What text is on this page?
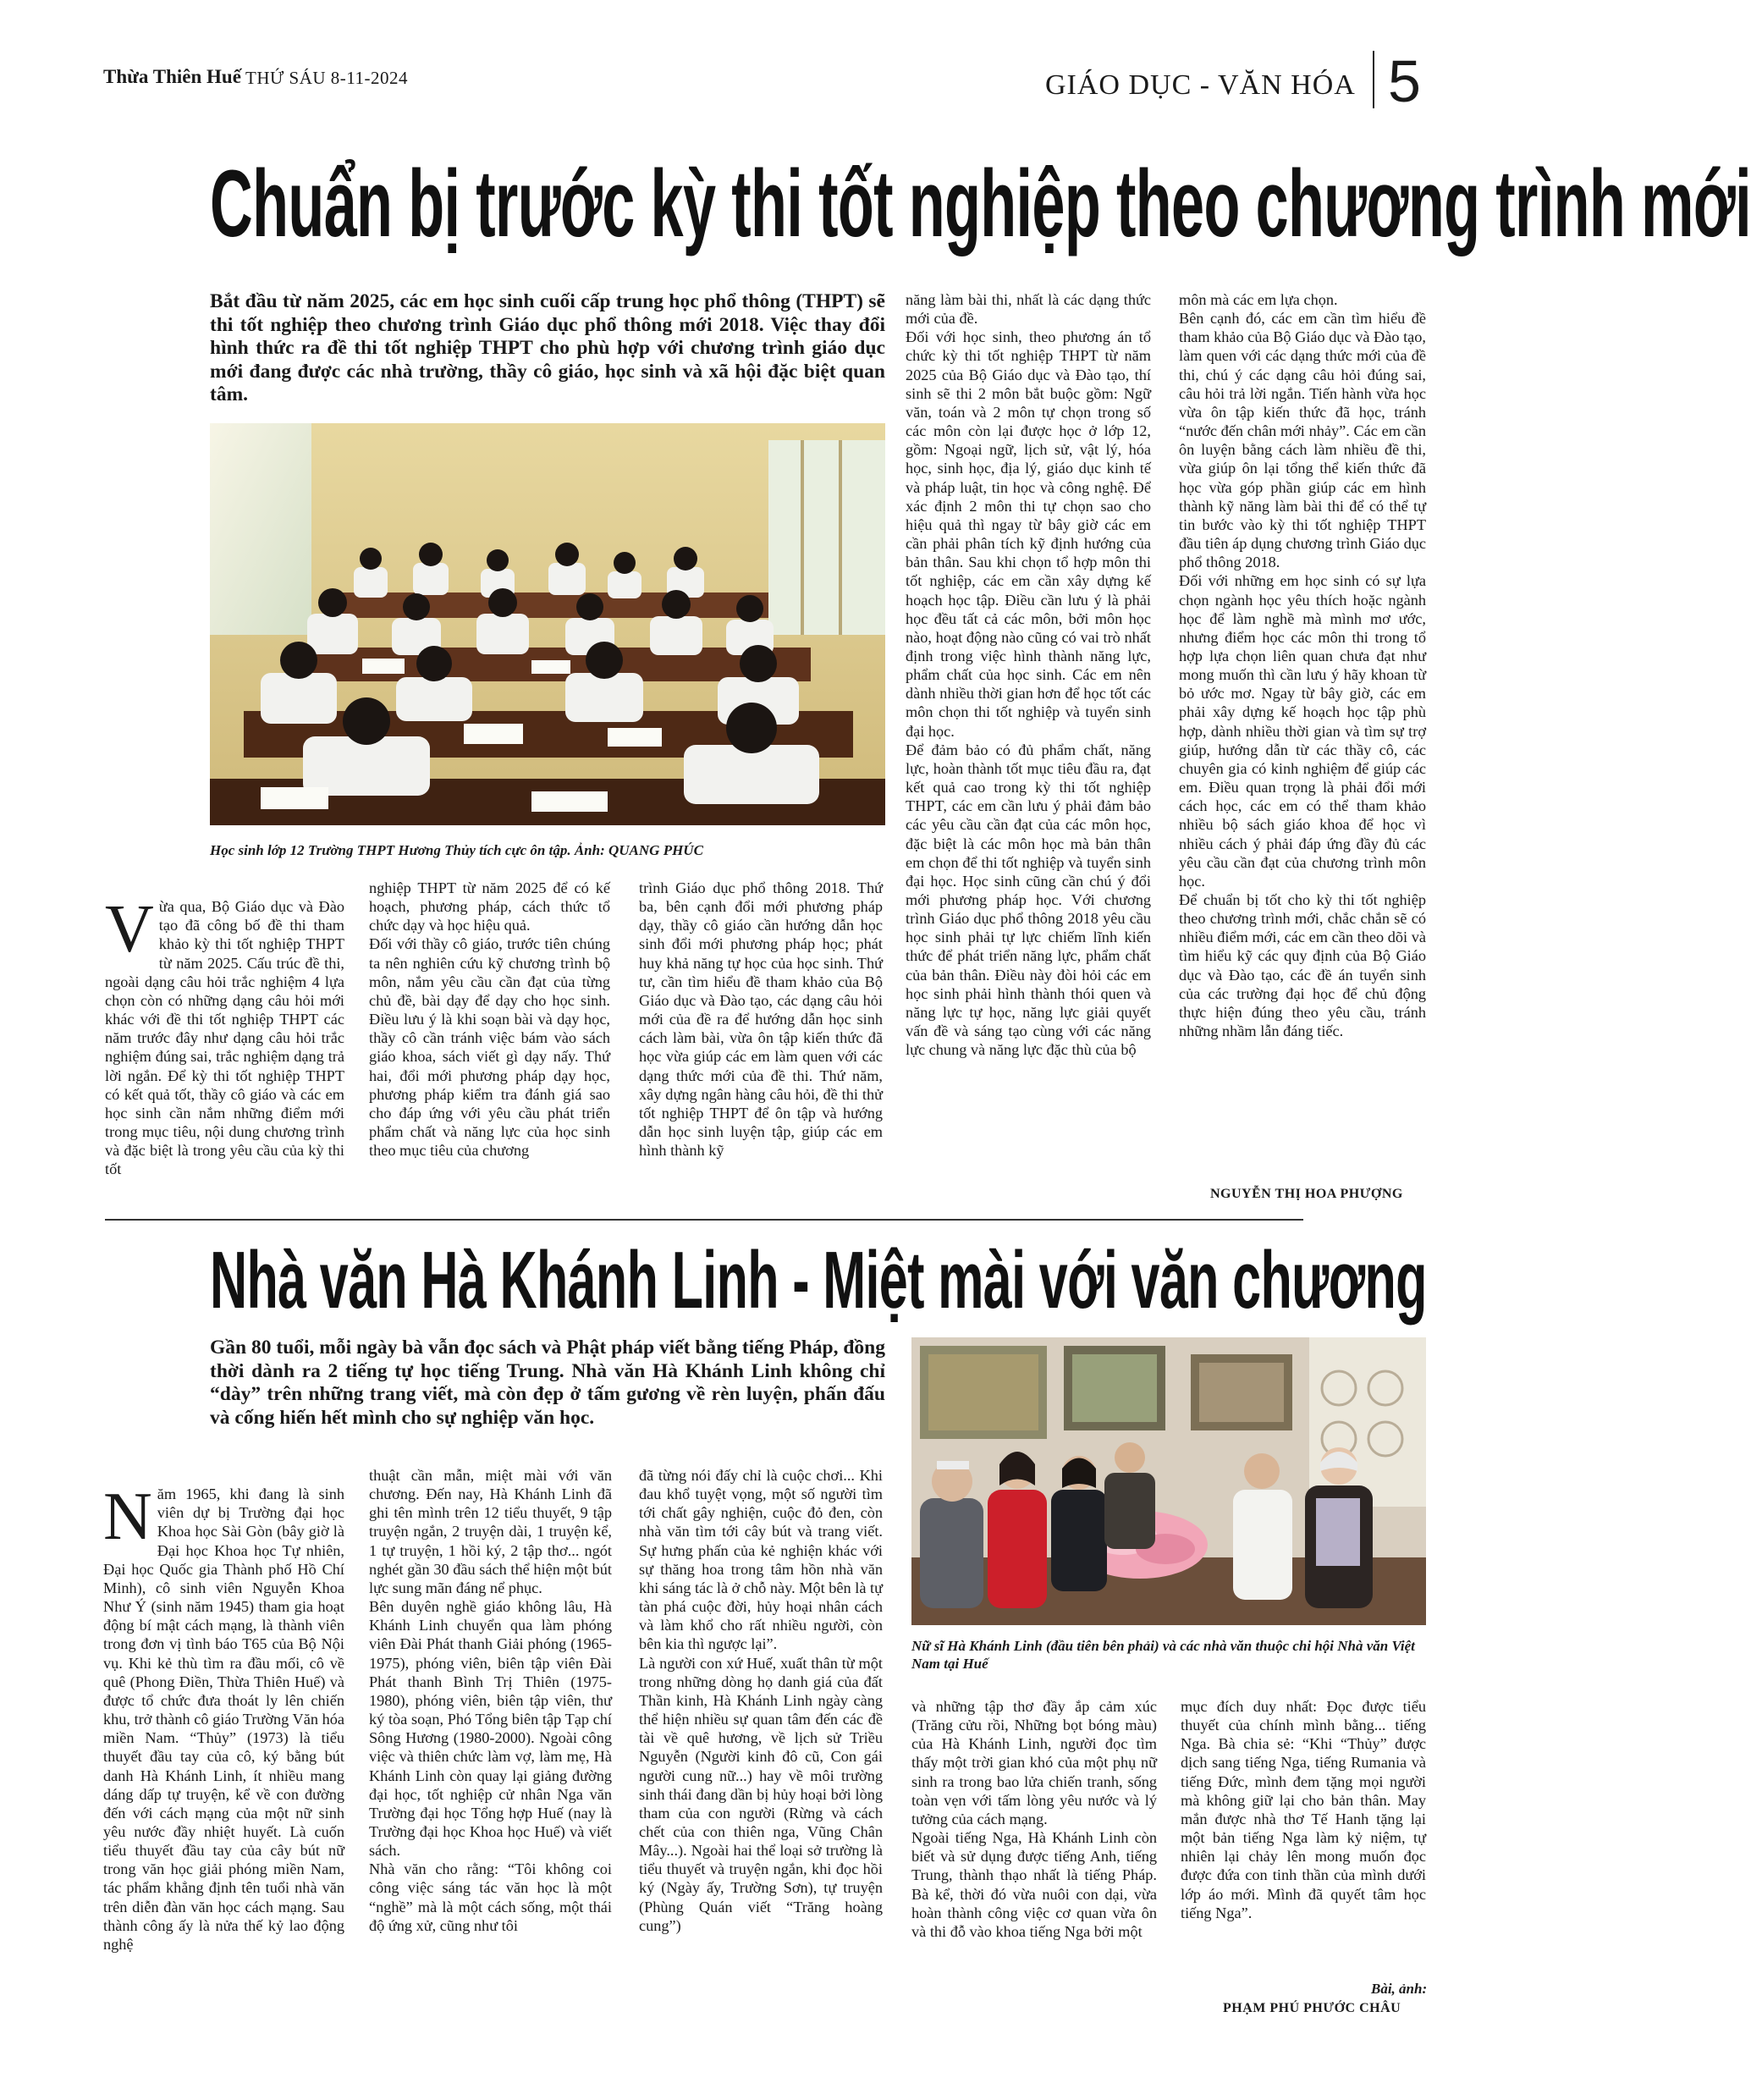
Thừa Thiên Huế THỨ SÁU 8-11-2024	GIÁO DỤC - VĂN HÓA 5
Chuẩn bị trước kỳ thi tốt nghiệp theo chương trình mới
Bắt đầu từ năm 2025, các em học sinh cuối cấp trung học phổ thông (THPT) sẽ thi tốt nghiệp theo chương trình Giáo dục phổ thông mới 2018. Việc thay đổi hình thức ra đề thi tốt nghiệp THPT cho phù hợp với chương trình giáo dục mới đang được các nhà trường, thầy cô giáo, học sinh và xã hội đặc biệt quan tâm.
Học sinh lớp 12 Trường THPT Hương Thủy tích cực ôn tập. Ảnh: QUANG PHÚC

Vừa qua, Bộ Giáo dục và Đào tạo đã công bố đề thi tham khảo kỳ thi tốt nghiệp THPT từ năm 2025. Cấu trúc đề thi, ngoài dạng câu hỏi trắc nghiệm 4 lựa chọn còn có những dạng câu hỏi mới khác với đề thi tốt nghiệp THPT các năm trước đây như dạng câu hỏi trắc nghiệm đúng sai, trắc nghiệm dạng trả lời ngắn. Để kỳ thi tốt nghiệp THPT có kết quả tốt, thầy cô giáo và các em học sinh cần nắm những điểm mới trong mục tiêu, nội dung chương trình và đặc biệt là trong yêu cầu của kỳ thi tốt

nghiệp THPT từ năm 2025 để có kế hoạch, phương pháp, cách thức tổ chức dạy và học hiệu quả.
Đối với thầy cô giáo, trước tiên chúng ta nên nghiên cứu kỹ chương trình bộ môn, nắm yêu cầu cần đạt của từng chủ đề, bài dạy để dạy cho học sinh. Điều lưu ý là khi soạn bài và dạy học, thầy cô cần tránh việc bám vào sách giáo khoa, sách viết gì dạy nấy. Thứ hai, đổi mới phương pháp dạy học, phương pháp kiểm tra đánh giá sao cho đáp ứng với yêu cầu phát triển phẩm chất và năng lực của học sinh theo mục tiêu của chương
trình Giáo dục phổ thông 2018. Thứ ba, bên cạnh đổi mới phương pháp dạy, thầy cô giáo cần hướng dẫn học sinh đổi mới phương pháp học; phát huy khả năng tự học của học sinh. Thứ tư, cần tìm hiểu đề tham khảo của Bộ Giáo dục và Đào tạo, các dạng câu hỏi mới của đề ra để hướng dẫn học sinh cách làm bài, vừa ôn tập kiến thức đã học vừa giúp các em làm quen với các dạng thức mới của đề thi. Thứ năm, xây dựng ngân hàng câu hỏi, đề thi thử tốt nghiệp THPT để ôn tập và hướng dẫn học sinh luyện tập, giúp các em hình thành kỹ
năng làm bài thi, nhất là các dạng thức mới của đề.
Đối với học sinh, theo phương án tổ chức kỳ thi tốt nghiệp THPT từ năm 2025 của Bộ Giáo dục và Đào tạo, thí sinh sẽ thi 2 môn bắt buộc gồm: Ngữ văn, toán và 2 môn tự chọn trong số các môn còn lại được học ở lớp 12, gồm: Ngoại ngữ, lịch sử, vật lý, hóa học, sinh học, địa lý, giáo dục kinh tế và pháp luật, tin học và công nghệ. Để xác định 2 môn thi tự chọn sao cho hiệu quả thì ngay từ bây giờ các em cần phải phân tích kỹ định hướng của bản thân. Sau khi chọn tổ hợp môn thi tốt nghiệp, các em cần xây dựng kế hoạch học tập. Điều cần lưu ý là phải học đều tất cả các môn, bởi môn học nào, hoạt động nào cũng có vai trò nhất định trong việc hình thành năng lực, phẩm chất của học sinh. Các em nên dành nhiều thời gian hơn để học tốt các môn chọn thi tốt nghiệp và tuyển sinh đại học.
Để đảm bảo có đủ phẩm chất, năng lực, hoàn thành tốt mục tiêu đầu ra, đạt kết quả cao trong kỳ thi tốt nghiệp THPT, các em cần lưu ý phải đảm bảo các yêu cầu cần đạt của các môn học, đặc biệt là các môn học mà bản thân em chọn để thi tốt nghiệp và tuyển sinh đại học. Học sinh cũng cần chú ý đổi mới phương pháp học. Với chương trình Giáo dục phổ thông 2018 yêu cầu học sinh phải tự lực chiếm lĩnh kiến thức để phát triển năng lực, phẩm chất của bản thân. Điều này đòi hỏi các em học sinh phải hình thành thói quen và năng lực tự học, năng lực giải quyết vấn đề và sáng tạo cùng với các năng lực chung và năng lực đặc thù của bộ
môn mà các em lựa chọn.
Bên cạnh đó, các em cần tìm hiểu đề tham khảo của Bộ Giáo dục và Đào tạo, làm quen với các dạng thức mới của đề thi, chú ý các dạng câu hỏi đúng sai, câu hỏi trả lời ngắn. Tiến hành vừa học vừa ôn tập kiến thức đã học, tránh “nước đến chân mới nhảy”. Các em cần ôn luyện bằng cách làm nhiều đề thi, vừa giúp ôn lại tổng thể kiến thức đã học vừa góp phần giúp các em hình thành kỹ năng làm bài thi để có thể tự tin bước vào kỳ thi tốt nghiệp THPT đầu tiên áp dụng chương trình Giáo dục phổ thông 2018.
Đối với những em học sinh có sự lựa chọn ngành học yêu thích hoặc ngành học để làm nghề mà mình mơ ước, nhưng điểm học các môn thi trong tổ hợp lựa chọn liên quan chưa đạt như mong muốn thì cần lưu ý hãy khoan từ bỏ ước mơ. Ngay từ bây giờ, các em phải xây dựng kế hoạch học tập phù hợp, dành nhiều thời gian và tìm sự trợ giúp, hướng dẫn từ các thầy cô, các chuyên gia có kinh nghiệm để giúp các em. Điều quan trọng là phải đổi mới cách học, các em có thể tham khảo nhiều bộ sách giáo khoa để học vì nhiều cách ý phải đáp ứng đầy đủ các yêu cầu cần đạt của chương trình môn học.
Để chuẩn bị tốt cho kỳ thi tốt nghiệp theo chương trình mới, chắc chắn sẽ có nhiều điểm mới, các em cần theo dõi và tìm hiểu kỹ các quy định của Bộ Giáo dục và Đào tạo, các đề án tuyển sinh của các trường đại học để chủ động thực hiện đúng theo yêu cầu, tránh những nhầm lẫn đáng tiếc.
NGUYỄN THỊ HOA PHƯỢNG
Nhà văn Hà Khánh Linh - Miệt mài với văn chương
Gần 80 tuổi, mỗi ngày bà vẫn đọc sách và Phật pháp viết bằng tiếng Pháp, đồng thời dành ra 2 tiếng tự học tiếng Trung. Nhà văn Hà Khánh Linh không chỉ “dày” trên những trang viết, mà còn đẹp ở tấm gương về rèn luyện, phấn đấu và cống hiến hết mình cho sự nghiệp văn học.
Nữ sĩ Hà Khánh Linh (đầu tiên bên phải) và các nhà văn thuộc chi hội Nhà văn Việt Nam tại Huế

Năm 1965, khi đang là sinh viên dự bị Trường đại học Khoa học Sài Gòn (bây giờ là Đại học Khoa học Tự nhiên, Đại học Quốc gia Thành phố Hồ Chí Minh), cô sinh viên Nguyễn Khoa Như Ý (sinh năm 1945) tham gia hoạt động bí mật cách mạng, là thành viên trong đơn vị tình báo T65 của Bộ Nội vụ. Khi kẻ thù tìm ra đầu mối, cô về quê (Phong Điền, Thừa Thiên Huế) và được tổ chức đưa thoát ly lên chiến khu, trở thành cô giáo Trường Văn hóa miền Nam. “Thủy” (1973) là tiểu thuyết đầu tay của cô, ký bằng bút danh Hà Khánh Linh, ít nhiều mang dáng dấp tự truyện, kể về con đường đến với cách mạng của một nữ sinh yêu nước đầy nhiệt huyết. Là cuốn tiểu thuyết đầu tay của cây bút nữ trong văn học giải phóng miền Nam, tác phẩm khẳng định tên tuổi nhà văn trên diễn đàn văn học cách mạng. Sau thành công ấy là nửa thế kỷ lao động nghệ

thuật cần mẫn, miệt mài với văn chương. Đến nay, Hà Khánh Linh đã ghi tên mình trên 12 tiểu thuyết, 9 tập truyện ngắn, 2 truyện dài, 1 truyện kể, 1 tự truyện, 1 hồi ký, 2 tập thơ... ngót nghét gần 30 đầu sách thể hiện một bút lực sung mãn đáng nể phục.
Bên duyên nghề giáo không lâu, Hà Khánh Linh chuyển qua làm phóng viên Đài Phát thanh Giải phóng (1965-1975), phóng viên, biên tập viên Đài Phát thanh Bình Trị Thiên (1975-1980), phóng viên, biên tập viên, thư ký tòa soạn, Phó Tổng biên tập Tạp chí Sông Hương (1980-2000). Ngoài công việc và thiên chức làm vợ, làm mẹ, Hà Khánh Linh còn quay lại giảng đường đại học, tốt nghiệp cử nhân Nga văn Trường đại học Tổng hợp Huế (nay là Trường đại học Khoa học Huế) và viết sách.
Nhà văn cho rằng: “Tôi không coi công việc sáng tác văn học là một “nghề” mà là một cách sống, một thái độ ứng xử, cũng như tôi
đã từng nói đấy chỉ là cuộc chơi... Khi đau khổ tuyệt vọng, một số người tìm tới chất gây nghiện, cuộc đỏ đen, còn nhà văn tìm tới cây bút và trang viết. Sự hưng phấn của kẻ nghiện khác với sự thăng hoa trong tâm hồn nhà văn khi sáng tác là ở chỗ này. Một bên là tự tàn phá cuộc đời, hủy hoại nhân cách và làm khổ cho rất nhiều người, còn bên kia thì ngược lại”.
Là người con xứ Huế, xuất thân từ một trong những dòng họ danh giá của đất Thần kinh, Hà Khánh Linh ngày càng thể hiện nhiều sự quan tâm đến các đề tài về quê hương, về lịch sử Triều Nguyễn (Người kinh đô cũ, Con gái người cung nữ...) hay về môi trường sinh thái đang dần bị hủy hoại bởi lòng tham của con người (Rừng và cách chết của con thiên nga, Vũng Chân Mây...). Ngoài hai thể loại sở trường là tiểu thuyết và truyện ngắn, khi đọc hồi ký (Ngày ấy, Trường Sơn), tự truyện (Phùng Quán viết “Trăng hoàng cung”)
và những tập thơ đầy ắp cảm xúc (Trăng cửu rồi, Những bọt bóng màu) của Hà Khánh Linh, người đọc tìm thấy một trời gian khó của một phụ nữ sinh ra trong bao lửa chiến tranh, sống toàn vẹn với tấm lòng yêu nước và lý tưởng của cách mạng.
Ngoài tiếng Nga, Hà Khánh Linh còn biết và sử dụng được tiếng Anh, tiếng Trung, thành thạo nhất là tiếng Pháp. Bà kể, thời đó vừa nuôi con dại, vừa hoàn thành công việc cơ quan vừa ôn và thi đỗ vào khoa tiếng Nga bởi một
mục đích duy nhất: Đọc được tiểu thuyết của chính mình bằng... tiếng Nga. Bà chia sẻ: “Khi “Thủy” được dịch sang tiếng Nga, tiếng Rumania và tiếng Đức, mình đem tặng mọi người mà không giữ lại cho bản thân. May mắn được nhà thơ Tế Hanh tặng lại một bản tiếng Nga làm kỷ niệm, tự nhiên lại chảy lên mong muốn đọc được đứa con tinh thần của mình dưới lớp áo mới. Mình đã quyết tâm học tiếng Nga”.
Bài, ảnh:
PHẠM PHÚ PHƯỚC CHÂU
